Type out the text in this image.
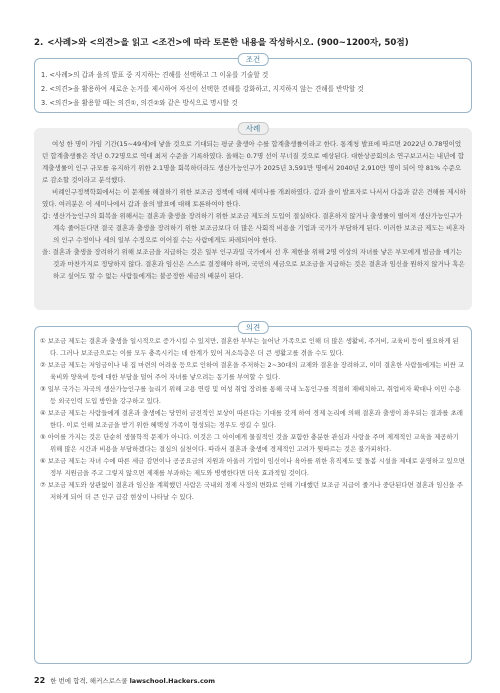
2. <사례>와 <의견>을 읽고 <조건>에 따라 토론한 내용을 작성하시오. (900~1200자, 50점)
조건
1. <사례>의 갑과 을의 발표 중 지지하는 견해를 선택하고 그 이유를 기술할 것
2. <의견>을 활용하여 새로운 논거를 제시하여 자신이 선택한 견해를 강화하고, 지지하지 않는 견해를 반박할 것
3. <의견>을 활용할 때는 의견①, 의견②와 같은 방식으로 명시할 것
사례

여성 한 명이 가임 기간(15~49세)에 낳을 것으로 기대되는 평균 출생아 수를 합계출생률이라고 한다. 통계청 발표에 따르면 2022년 0.78명이었던 합계출생률은 작년 0.72명으로 역대 최저 수준을 기록하였다. 올해는 0.7명 선이 무너질 것으로 예상된다. 대한상공회의소 연구보고서는 내년에 합계출생률이 인구 규모를 유지하기 위한 2.1명을 회복하더라도 생산가능인구가 2025년 3,591만 명에서 2040년 2,910만 명이 되어 약 81% 수준으로 감소할 것이라고 분석했다.

비례인구정책학회에서는 이 문제를 해결하기 위한 보조금 정책에 대해 세미나를 개최하였다. 갑과 을이 발표자로 나서서 다음과 같은 견해를 제시하였다. 여러분은 이 세미나에서 갑과 을의 발표에 대해 토론하여야 한다.

갑: 생산가능인구의 회복을 위해서는 결혼과 출생을 장려하기 위한 보조금 제도의 도입이 절실하다. 결혼하지 않거나 출생률이 떨어져 생산가능인구가 계속 줄어든다면 결국 결혼과 출생을 장려하기 위한 보조금보다 더 많은 사회적 비용을 기업과 국가가 부담하게 된다. 이러한 보조금 제도는 비혼자의 인구 수정이나 세의 일부 수정으로 이어질 수는 사람에게도 파레되어야 한다.

을: 결혼과 출생을 장려하기 위해 보조금을 지급하는 것은 일부 인구과밀 국가에서 선 후 제한을 위해 2명 이상의 자녀를 낳은 부모에게 벌금을 매기는 것과 마찬가지로 정당하지 않다. 결혼과 임신은 스스로 결정해야 하며, 국민의 세금으로 보조금을 지급하는 것은 결혼과 임신을 원하지 않거나 혹은 하고 싶어도 할 수 없는 사람들에게는 불공정한 세금의 배분이 된다.

의견

① 보조금 제도는 결혼과 출생을 일시적으로 증가시킬 수 있지만, 결혼한 부부는 늘어난 가족으로 인해 더 많은 생활비, 주거비, 교육비 등이 필요하게 된다. 그러나 보조금으로는 이를 모두 충족시키는 데 한계가 있어 저소득층은 더 큰 생활고를 겪을 수도 있다.

② 보조금 제도는 저임금이나 내 집 마련의 어려움 등으로 인하여 결혼을 주저하는 2~30대의 교제와 결혼을 장려하고, 이미 결혼한 사람들에게는 비싼 교육비와 양육비 등에 대한 부담을 덜어 주어 자녀를 낳으려는 동기를 부여할 수 있다.

③ 일부 국가는 자국의 생산가능인구를 늘리기 위해 고용 연령 및 여성 취업 장려를 통해 국내 노동인구를 적절히 재배치하고, 취업비자 확대나 이민 수용 등 외국인력 도입 방안을 강구하고 있다.

④ 보조금 제도는 사람들에게 결혼과 출생에는 당연히 금전적인 보상이 따른다는 기대를 갖게 하여 경제 논리에 의해 결혼과 출생이 좌우되는 결과를 초래한다. 이로 인해 보조금을 받기 위한 혜택성 가족이 형성되는 경우도 생길 수 있다.

⑤ 아이를 가지는 것은 단순히 생물학적 문제가 아니다. 이것은 그 아이에게 물질적인 것을 포함한 충분한 관심과 사랑을 주며 제계적인 교육을 제공하기 위해 많은 시간과 비용을 부담하겠다는 결심의 실천이다. 따라서 결혼과 출생에 경제적인 고려가 뒷따르는 것은 불가피하다.

⑥ 보조금 제도는 자녀 수에 따른 세금 감면이나 공공요금의 지원과 아울러 기업이 임신이나 육아를 위한 휴직제도 및 돌봄 시설을 제대로 운영하고 있으면 정부 지원금을 주고 그렇지 않으면 제재를 부과하는 제도와 병행한다면 더욱 효과적일 것이다.

⑦ 보조금 제도와 상관없이 결혼과 임신을 계획했던 사람은 국내외 경제 사정의 변화로 인해 기대했던 보조금 지급이 줄거나 중단된다면 결혼과 임신을 주저하게 되어 더 큰 인구 급감 현상이 나타날 수 있다.

22 한 번에 합격, 해커스로스쿨 lawschool.Hackers.com
